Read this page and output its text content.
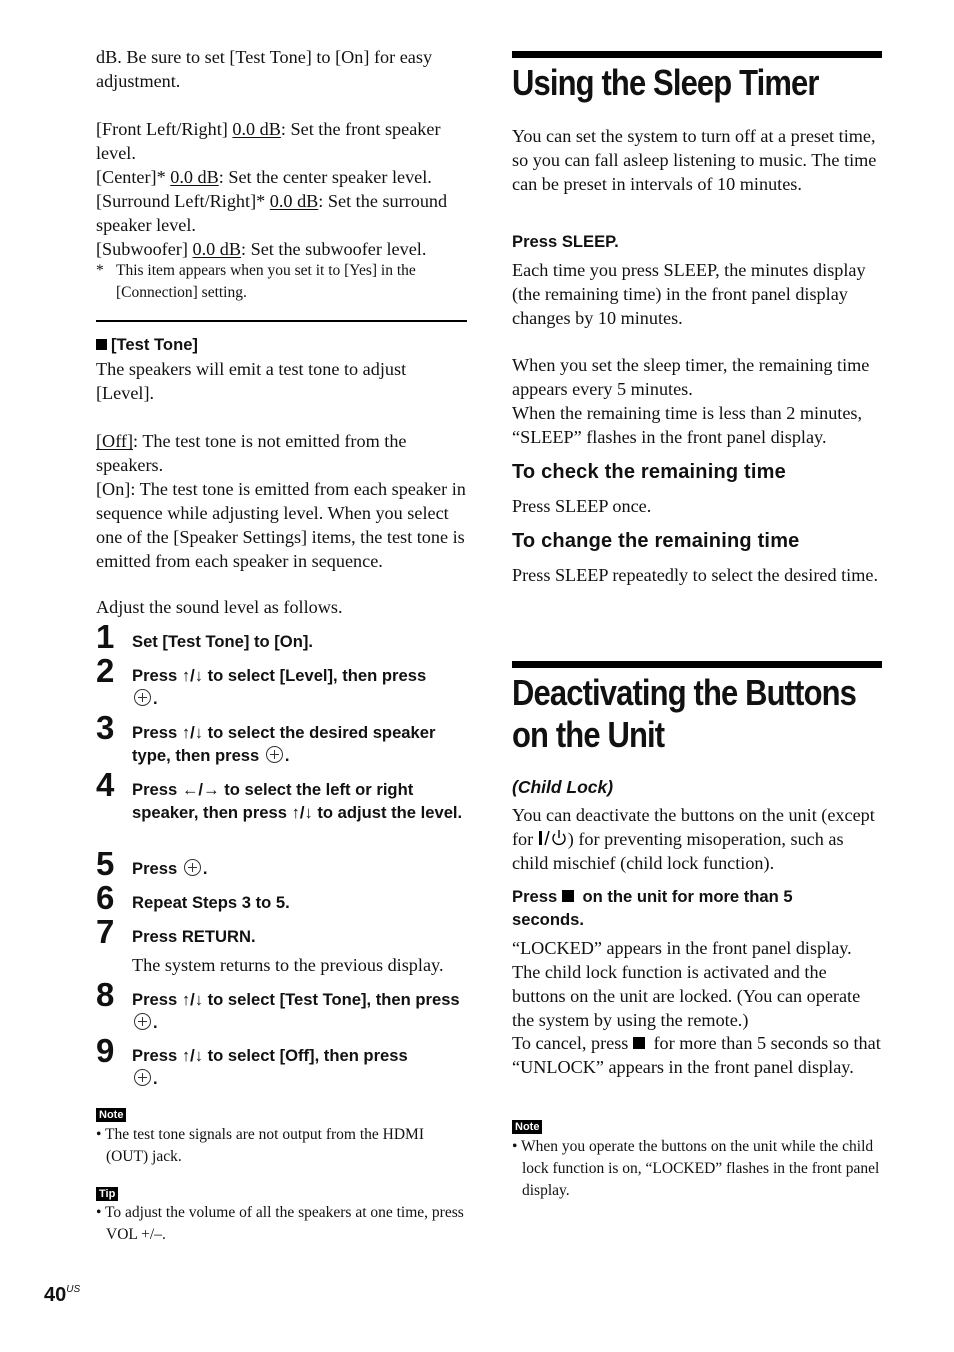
dB. Be sure to set [Test Tone] to [On] for easy adjustment.

[Front Left/Right] 0.0 dB: Set the front speaker level.

[Center]* 0.0 dB: Set the center speaker level.

[Surround Left/Right]* 0.0 dB: Set the surround speaker level.

[Subwoofer] 0.0 dB: Set the subwoofer level.

* This item appears when you set it to [Yes] in the [Connection] setting.
[Test Tone]

The speakers will emit a test tone to adjust [Level].

[Off]: The test tone is not emitted from the speakers.

[On]: The test tone is emitted from each speaker in sequence while adjusting level. When you select one of the [Speaker Settings] items, the test tone is emitted from each speaker in sequence.

Adjust the sound level as follows.

1 Set [Test Tone] to [On].
2 Press ↑/↓ to select [Level], then press
.
3 Press ↑/↓ to select the desired speaker type, then press .
4 Press ←/→ to select the left or right speaker, then press ↑/↓ to adjust the level.
5 Press .
6 Repeat Steps 3 to 5.
7 Press RETURN.

The system returns to the previous display.

8 Press ↑/↓ to select [Test Tone], then press .
9 Press ↑/↓ to select [Off], then press
.
Note
• The test tone signals are not output from the HDMI (OUT) jack.
Tip
• To adjust the volume of all the speakers at one time, press VOL +/–.
Using the Sleep Timer

You can set the system to turn off at a preset time, so you can fall asleep listening to music. The time can be preset in intervals of 10 minutes.

Press SLEEP.

Each time you press SLEEP, the minutes display (the remaining time) in the front panel display changes by 10 minutes.

When you set the sleep timer, the remaining time appears every 5 minutes.

When the remaining time is less than 2 minutes, “SLEEP” flashes in the front panel display.

To check the remaining time

Press SLEEP once.

To change the remaining time

Press SLEEP repeatedly to select the desired time.

Deactivating the Buttons
on the Unit
(Child Lock)

You can deactivate the buttons on the unit (except for ) for preventing misoperation, such as child mischief (child lock function).

Press  on the unit for more than 5 seconds.

“LOCKED” appears in the front panel display. The child lock function is activated and the buttons on the unit are locked. (You can operate the system by using the remote.)

To cancel, press  for more than 5 seconds so that “UNLOCK” appears in the front panel display.

Note
• When you operate the buttons on the unit while the child lock function is on, “LOCKED” flashes in the front panel display.
$40^{US}$
